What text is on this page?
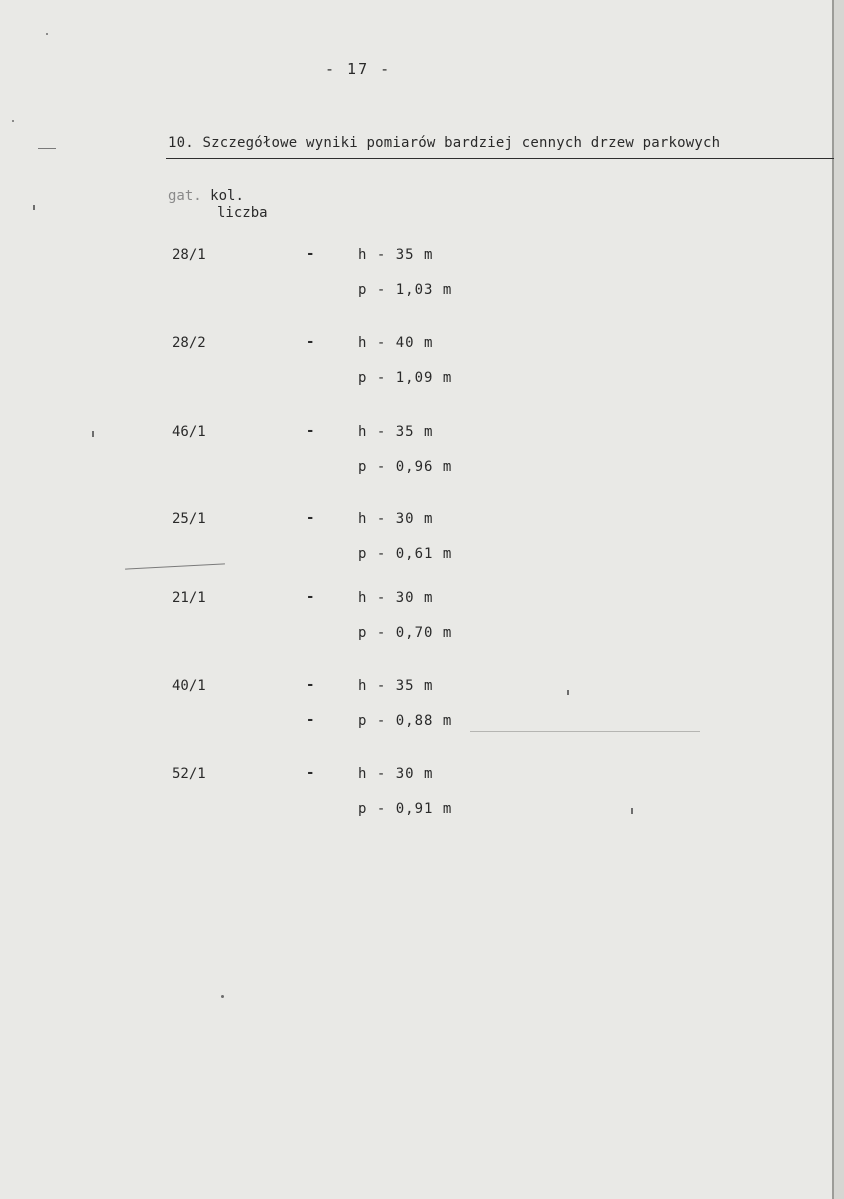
- 17 -
10. Szczegółowe wyniki pomiarów bardziej cennych drzew parkowych
gat. kol.
liczba
28/1	-	h - 35 m
p - 1,03 m
28/2	-	h - 40 m
p - 1,09 m
46/1	-	h - 35 m
p - 0,96 m
25/1	-	h - 30 m
p - 0,61 m
21/1	-	h - 30 m
p - 0,70 m
40/1	-	h - 35 m
-	p - 0,88 m
52/1	-	h - 30 m
p - 0,91 m
